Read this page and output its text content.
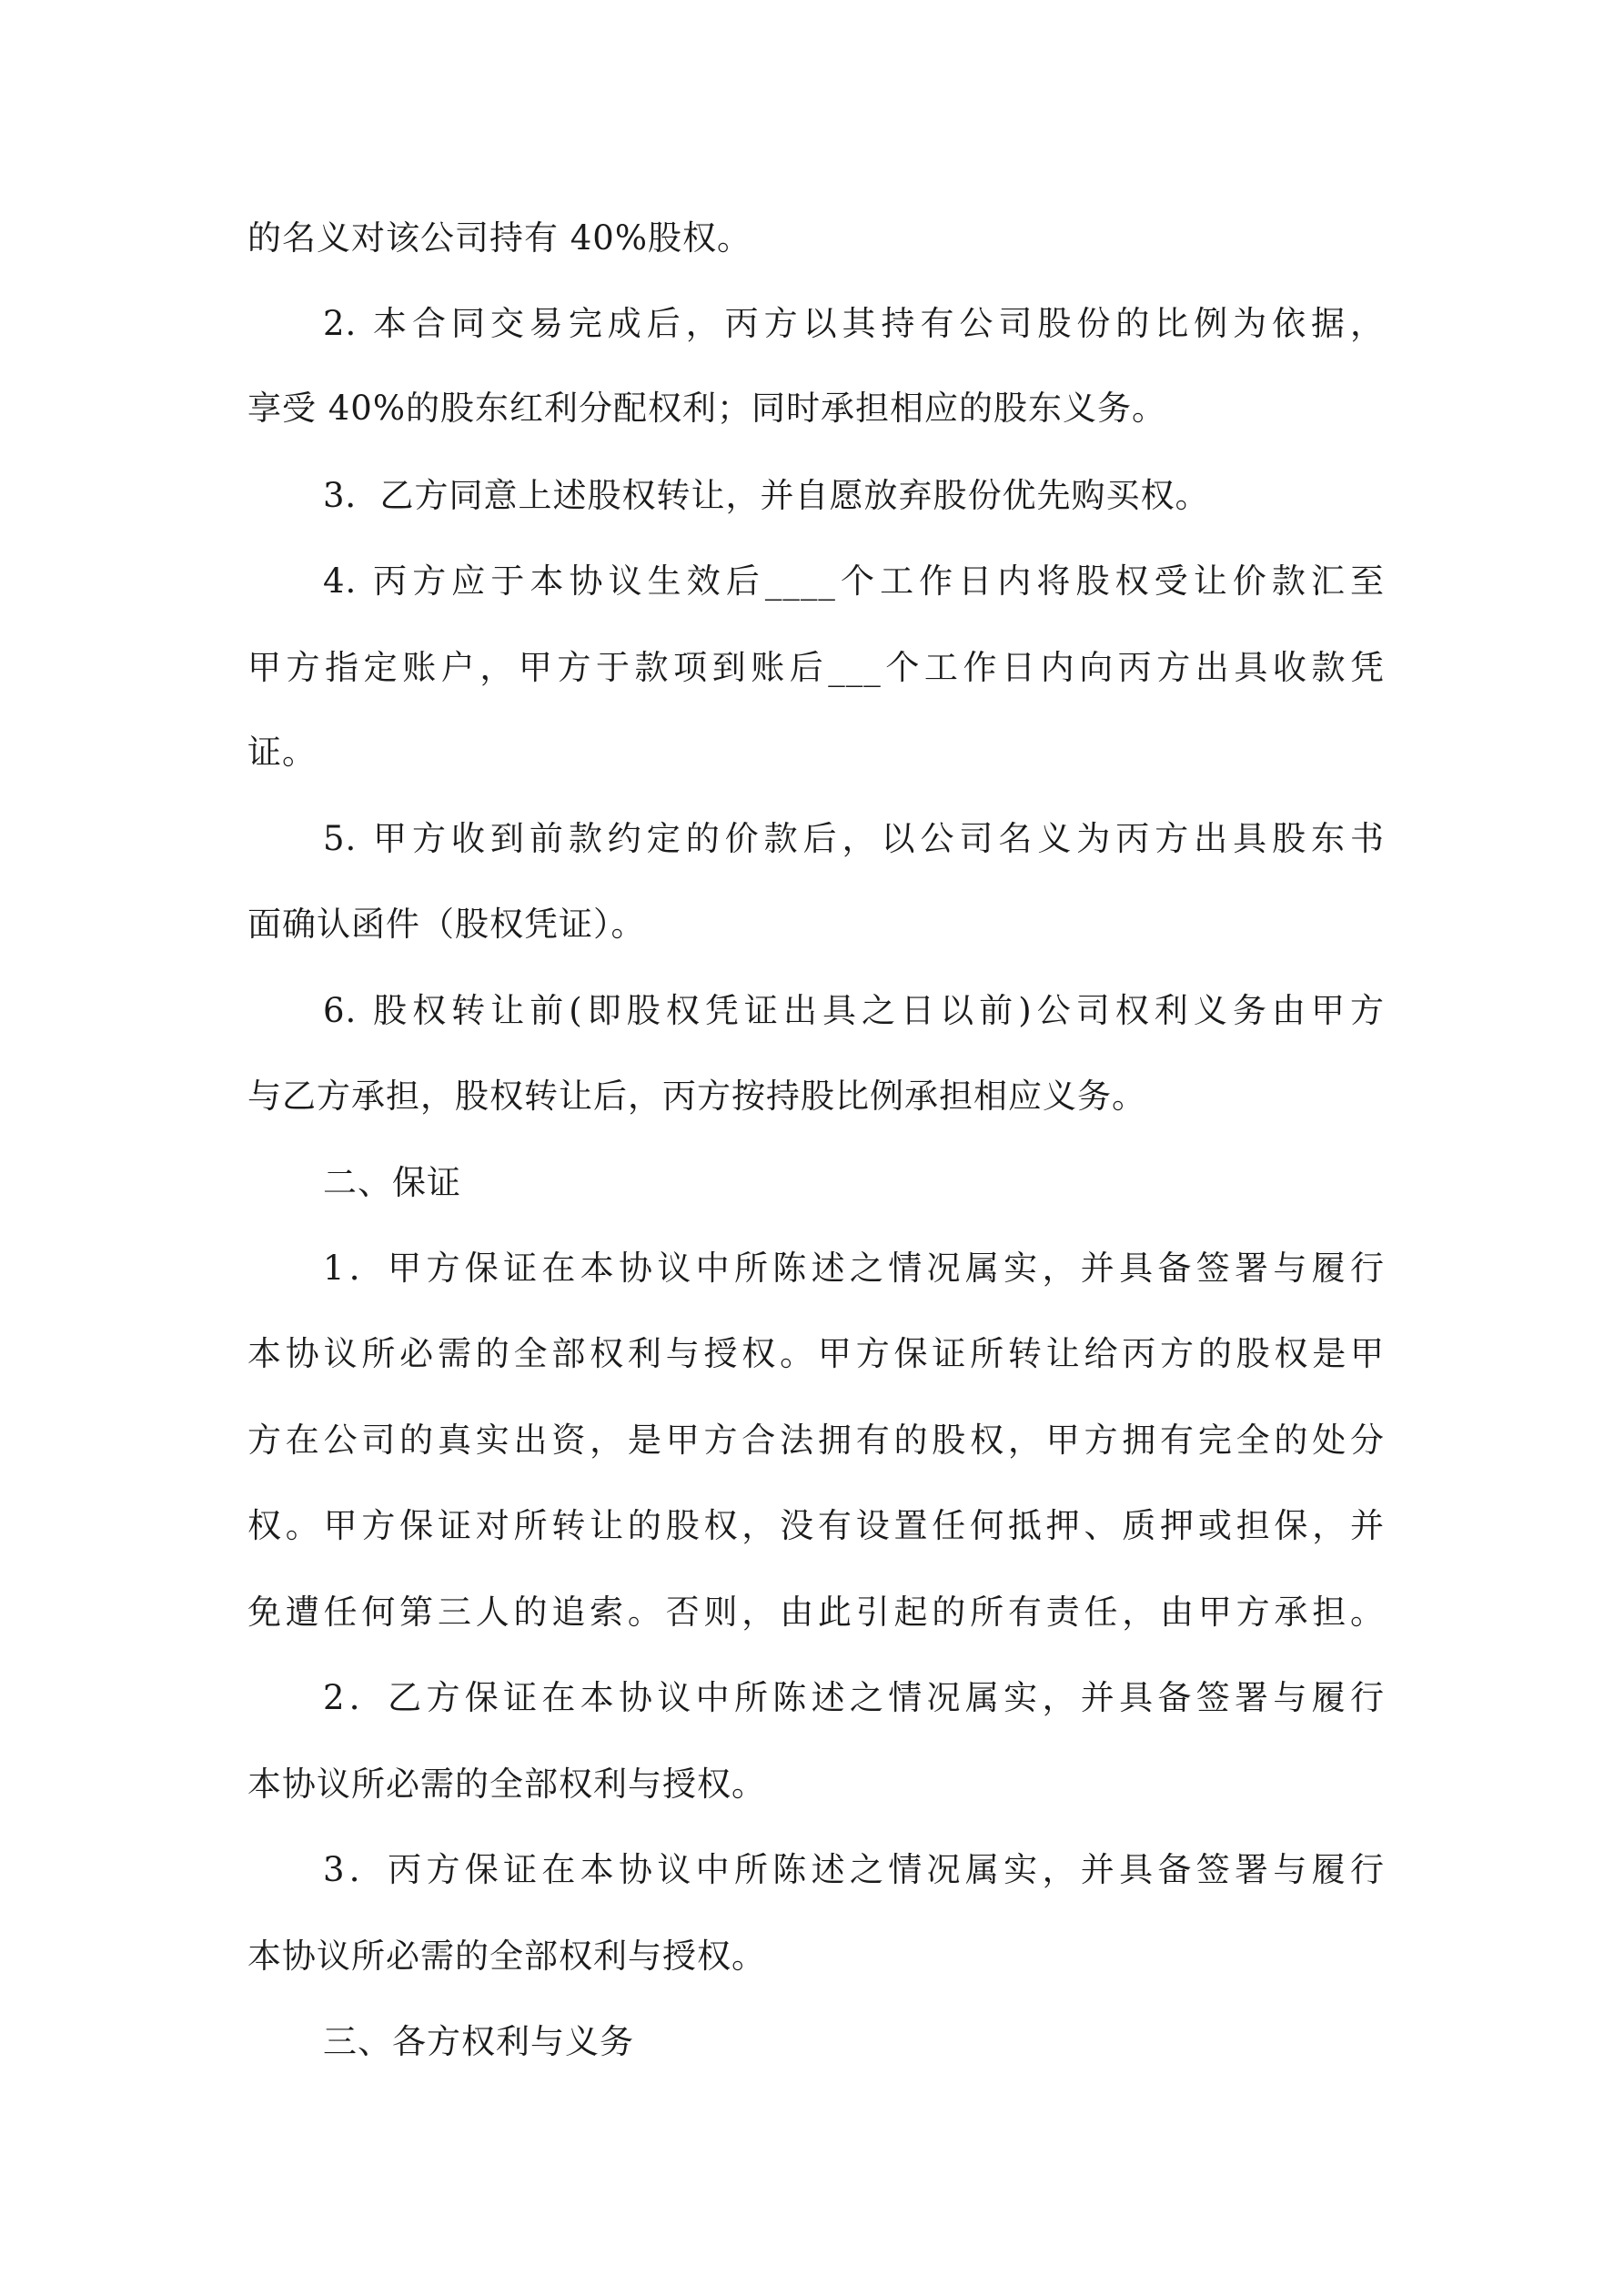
的名义对该公司持有 40%股权。
2. 本合同交易完成后，丙方以其持有公司股份的比例为依据，
享受 40%的股东红利分配权利；同时承担相应的股东义务。
3．乙方同意上述股权转让，并自愿放弃股份优先购买权。
4. 丙方应于本协议生效后____个工作日内将股权受让价款汇至
甲方指定账户，甲方于款项到账后___个工作日内向丙方出具收款凭
证。
5. 甲方收到前款约定的价款后，以公司名义为丙方出具股东书
面确认函件（股权凭证）。
6. 股权转让前(即股权凭证出具之日以前)公司权利义务由甲方
与乙方承担，股权转让后，丙方按持股比例承担相应义务。
二、保证
1．甲方保证在本协议中所陈述之情况属实，并具备签署与履行
本协议所必需的全部权利与授权。甲方保证所转让给丙方的股权是甲
方在公司的真实出资，是甲方合法拥有的股权，甲方拥有完全的处分
权。甲方保证对所转让的股权，没有设置任何抵押、质押或担保，并
免遭任何第三人的追索。否则，由此引起的所有责任，由甲方承担。
2．乙方保证在本协议中所陈述之情况属实，并具备签署与履行
本协议所必需的全部权利与授权。
3．丙方保证在本协议中所陈述之情况属实，并具备签署与履行
本协议所必需的全部权利与授权。
三、各方权利与义务
